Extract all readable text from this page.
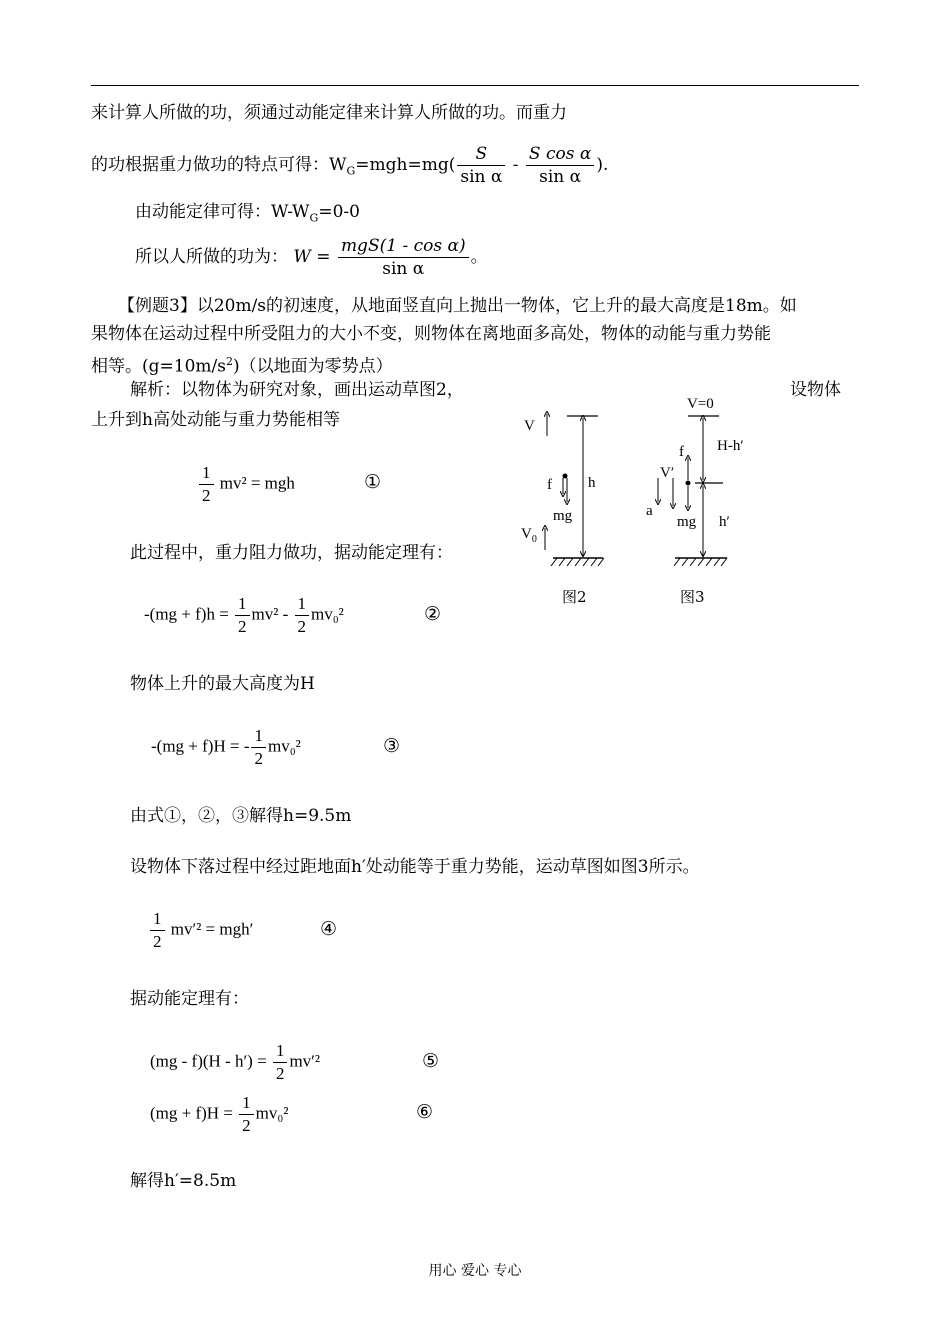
来计算人所做的功，须通过动能定律来计算人所做的功。而重力
的功根据重力做功的特点可得：$W_G=mgh=mg( \frac{S}{\text{sin α}} - \frac{\text{S cos α}}{\text{sin α}}$ ).
由动能定律可得：$W-W_G=0-0$
所以人所做的功为： $W = \frac{\text{mgS(1 - cos α)}}{\text{sin α}}$ 。
【例题3】以20m/s的初速度，从地面竖直向上抛出一物体，它上升的最大高度是18m。如
果物体在运动过程中所受阻力的大小不变，则物体在离地面多高处，物体的动能与重力势能
相等。$(g=10m/s^2)$（以地面为零势点）
解析：以物体为研究对象，画出运动草图2，	设物体
上升到h高处动能与重力势能相等
$\frac{1}{2} mv^2$ = mgh	①
此过程中，重力阻力做功，据动能定理有：
$-(mg + f)h = \frac{1}{2} mv^2 - \frac{1}{2} mv_0^2$	②
物体上升的最大高度为H
-(mg + f)H = - $\frac{1}{2} mv_0^2$	③
由式①，②，③解得h=9.5m
设物体下落过程中经过距地面h′处动能等于重力势能，运动草图如图3所示。
$\frac{1}{2} mv'^2 = mgh'$	④
据动能定理有：
$(mg - f)(H - h') = \frac{1}{2} mv'^2$	⑤
$(mg + f)H = \frac{1}{2} mv_0^2$	⑥
解得h′=8.5m
V
f h
mg
$V_0$
图2
V=0
f H-h′
V′
a
mg h′
图3
用心 爱心 专心
